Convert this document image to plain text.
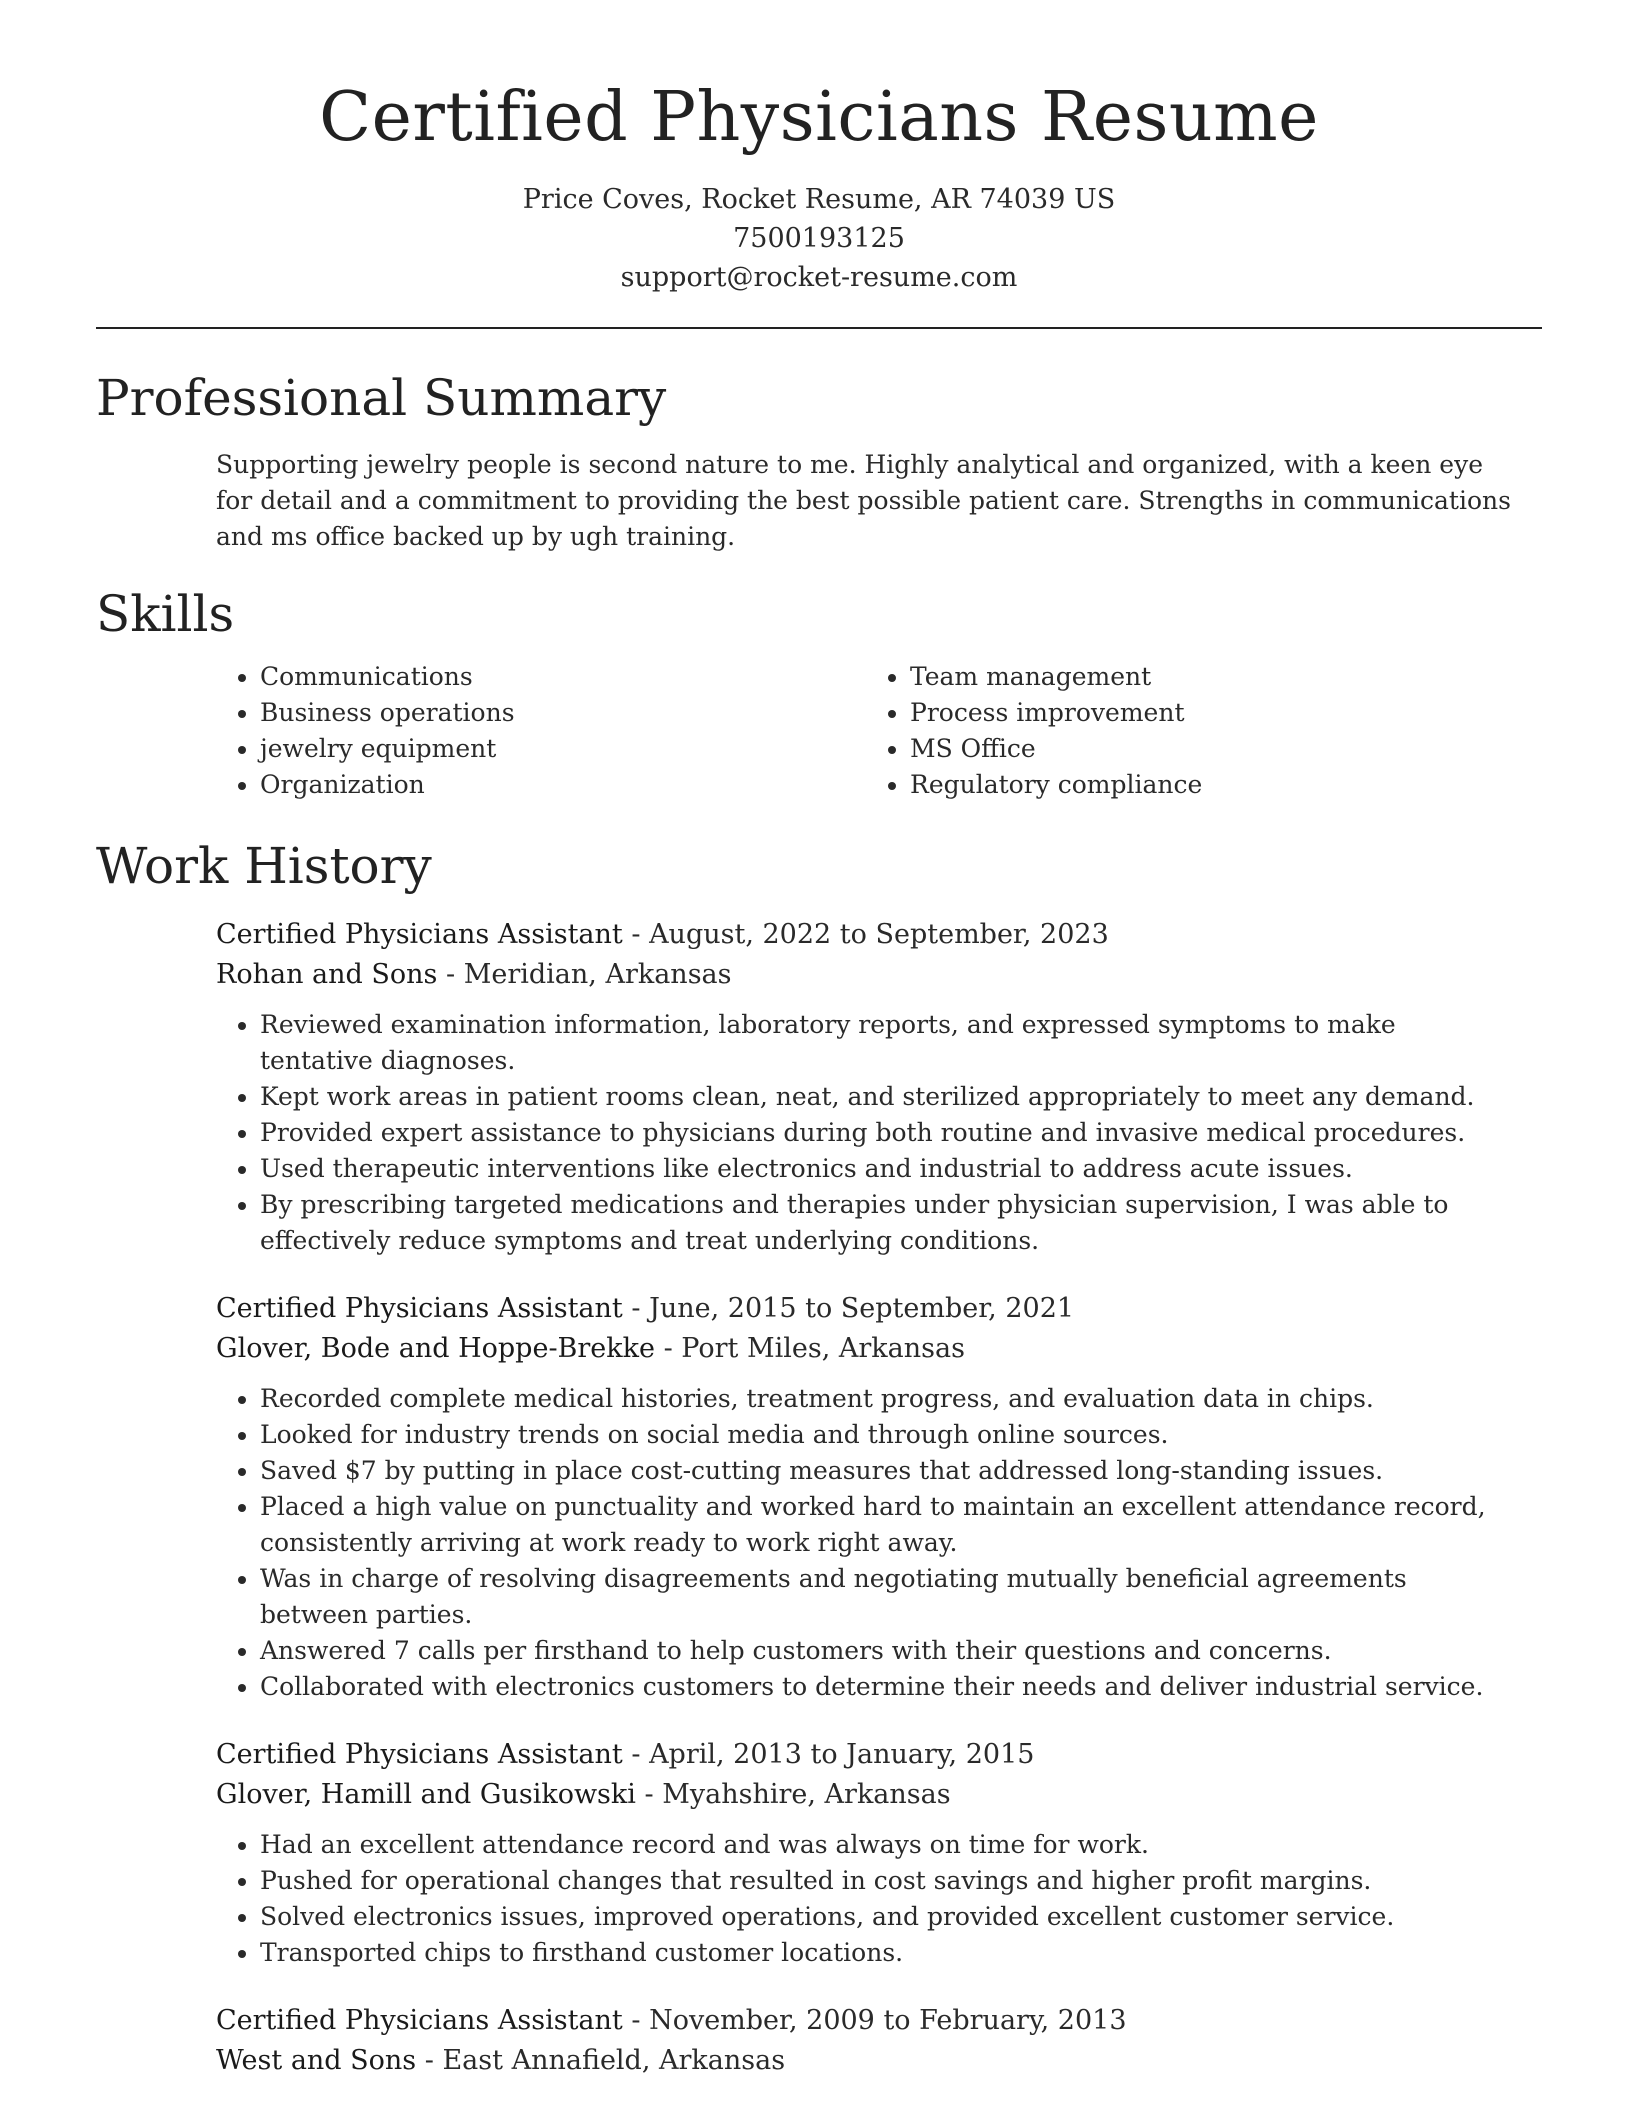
Certified Physicians Resume
Price Coves, Rocket Resume, AR 74039 US
7500193125
support@rocket-resume.com
Professional Summary

Supporting jewelry people is second nature to me. Highly analytical and organized, with a keen eye for detail and a commitment to providing the best possible patient care. Strengths in communications and ms office backed up by ugh training.

Skills
• Communications
• Business operations
• jewelry equipment
• Organization
• Team management
• Process improvement
• MS Office
• Regulatory compliance
Work History
Certified Physicians Assistant - August, 2022 to September, 2023
Rohan and Sons - Meridian, Arkansas
• Reviewed examination information, laboratory reports, and expressed symptoms to make tentative diagnoses.
• Kept work areas in patient rooms clean, neat, and sterilized appropriately to meet any demand.
• Provided expert assistance to physicians during both routine and invasive medical procedures.
• Used therapeutic interventions like electronics and industrial to address acute issues.
• By prescribing targeted medications and therapies under physician supervision, I was able to effectively reduce symptoms and treat underlying conditions.
Certified Physicians Assistant - June, 2015 to September, 2021
Glover, Bode and Hoppe-Brekke - Port Miles, Arkansas
• Recorded complete medical histories, treatment progress, and evaluation data in chips.
• Looked for industry trends on social media and through online sources.
• Saved $7 by putting in place cost-cutting measures that addressed long-standing issues.
• Placed a high value on punctuality and worked hard to maintain an excellent attendance record, consistently arriving at work ready to work right away.
• Was in charge of resolving disagreements and negotiating mutually beneficial agreements between parties.
• Answered 7 calls per firsthand to help customers with their questions and concerns.
• Collaborated with electronics customers to determine their needs and deliver industrial service.
Certified Physicians Assistant - April, 2013 to January, 2015
Glover, Hamill and Gusikowski - Myahshire, Arkansas
• Had an excellent attendance record and was always on time for work.
• Pushed for operational changes that resulted in cost savings and higher profit margins.
• Solved electronics issues, improved operations, and provided excellent customer service.
• Transported chips to firsthand customer locations.
Certified Physicians Assistant - November, 2009 to February, 2013
West and Sons - East Annafield, Arkansas
